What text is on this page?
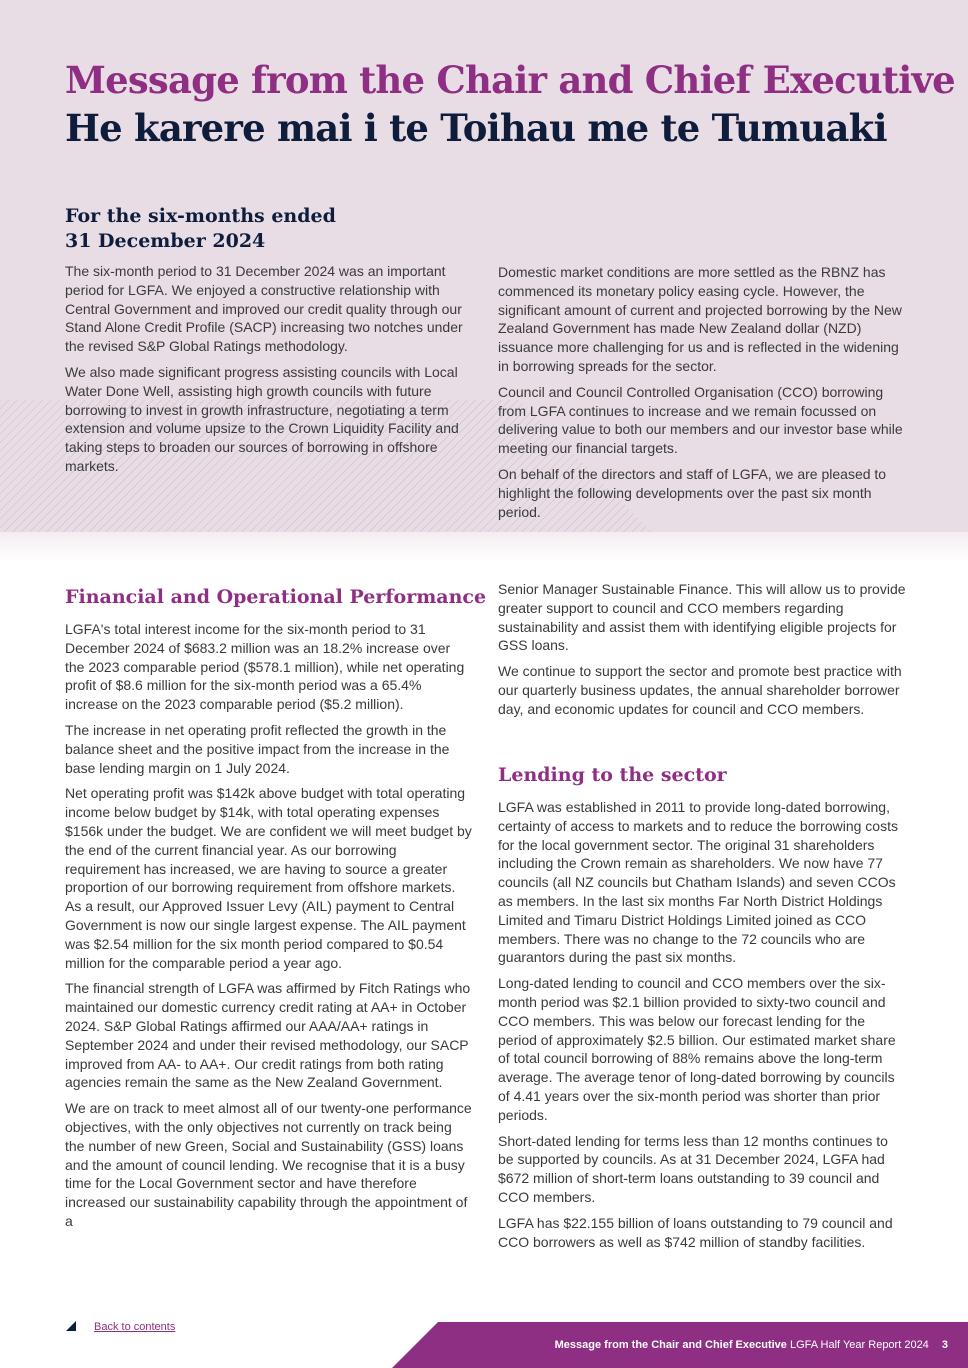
Message from the Chair and Chief Executive
He karere mai i te Toihau me te Tumuaki
For the six-months ended
31 December 2024

The six-month period to 31 December 2024 was an important period for LGFA. We enjoyed a constructive relationship with Central Government and improved our credit quality through our Stand Alone Credit Profile (SACP) increasing two notches under the revised S&P Global Ratings methodology.

We also made significant progress assisting councils with Local Water Done Well, assisting high growth councils with future borrowing to invest in growth infrastructure, negotiating a term extension and volume upsize to the Crown Liquidity Facility and taking steps to broaden our sources of borrowing in offshore markets.

Domestic market conditions are more settled as the RBNZ has commenced its monetary policy easing cycle. However, the significant amount of current and projected borrowing by the New Zealand Government has made New Zealand dollar (NZD) issuance more challenging for us and is reflected in the widening in borrowing spreads for the sector.

Council and Council Controlled Organisation (CCO) borrowing from LGFA continues to increase and we remain focussed on delivering value to both our members and our investor base while meeting our financial targets.

On behalf of the directors and staff of LGFA, we are pleased to highlight the following developments over the past six month period.

Financial and Operational Performance

LGFA's total interest income for the six-month period to 31 December 2024 of $683.2 million was an 18.2% increase over the 2023 comparable period ($578.1 million), while net operating profit of $8.6 million for the six-month period was a 65.4% increase on the 2023 comparable period ($5.2 million).

The increase in net operating profit reflected the growth in the balance sheet and the positive impact from the increase in the base lending margin on 1 July 2024.

Net operating profit was $142k above budget with total operating income below budget by $14k, with total operating expenses $156k under the budget. We are confident we will meet budget by the end of the current financial year. As our borrowing requirement has increased, we are having to source a greater proportion of our borrowing requirement from offshore markets. As a result, our Approved Issuer Levy (AIL) payment to Central Government is now our single largest expense. The AIL payment was $2.54 million for the six month period compared to $0.54 million for the comparable period a year ago.

The financial strength of LGFA was affirmed by Fitch Ratings who maintained our domestic currency credit rating at AA+ in October 2024. S&P Global Ratings affirmed our AAA/AA+ ratings in September 2024 and under their revised methodology, our SACP improved from AA- to AA+. Our credit ratings from both rating agencies remain the same as the New Zealand Government.

We are on track to meet almost all of our twenty-one performance objectives, with the only objectives not currently on track being the number of new Green, Social and Sustainability (GSS) loans and the amount of council lending. We recognise that it is a busy time for the Local Government sector and have therefore increased our sustainability capability through the appointment of a

Senior Manager Sustainable Finance. This will allow us to provide greater support to council and CCO members regarding sustainability and assist them with identifying eligible projects for GSS loans.

We continue to support the sector and promote best practice with our quarterly business updates, the annual shareholder borrower day, and economic updates for council and CCO members.

Lending to the sector

LGFA was established in 2011 to provide long-dated borrowing, certainty of access to markets and to reduce the borrowing costs for the local government sector. The original 31 shareholders including the Crown remain as shareholders. We now have 77 councils (all NZ councils but Chatham Islands) and seven CCOs as members. In the last six months Far North District Holdings Limited and Timaru District Holdings Limited joined as CCO members. There was no change to the 72 councils who are guarantors during the past six months.

Long-dated lending to council and CCO members over the six-month period was $2.1 billion provided to sixty-two council and CCO members. This was below our forecast lending for the period of approximately $2.5 billion. Our estimated market share of total council borrowing of 88% remains above the long-term average. The average tenor of long-dated borrowing by councils of 4.41 years over the six-month period was shorter than prior periods.

Short-dated lending for terms less than 12 months continues to be supported by councils. As at 31 December 2024, LGFA had $672 million of short-term loans outstanding to 39 council and CCO members.

LGFA has $22.155 billion of loans outstanding to 79 council and CCO borrowers as well as $742 million of standby facilities.

Back to contents
Message from the Chair and Chief Executive LGFA Half Year Report 2024 3
